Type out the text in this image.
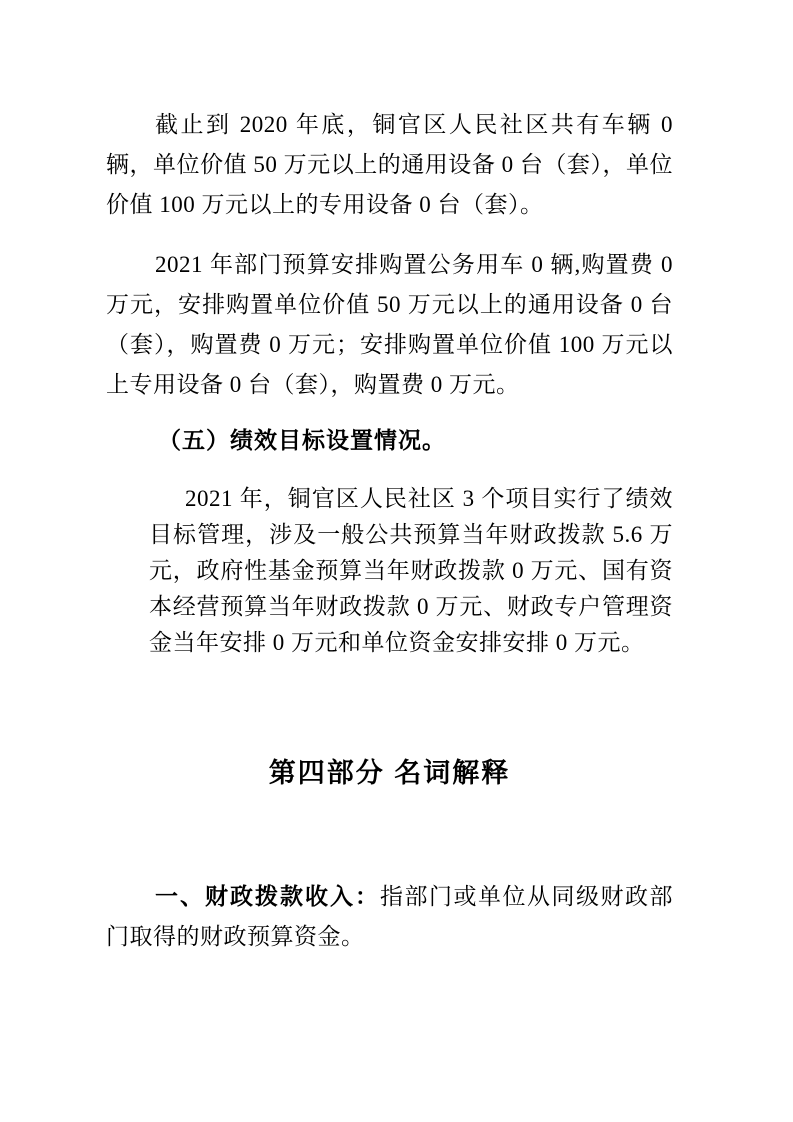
截止到 2020 年底，铜官区人民社区共有车辆 0 辆，单位价值 50 万元以上的通用设备 0 台（套），单位价值 100 万元以上的专用设备 0 台（套）。

2021 年部门预算安排购置公务用车 0 辆,购置费 0 万元，安排购置单位价值 50 万元以上的通用设备 0 台（套），购置费 0 万元；安排购置单位价值 100 万元以上专用设备 0 台（套），购置费 0 万元。

（五）绩效目标设置情况。

2021 年，铜官区人民社区 3 个项目实行了绩效目标管理，涉及一般公共预算当年财政拨款 5.6 万元，政府性基金预算当年财政拨款 0 万元、国有资本经营预算当年财政拨款 0 万元、财政专户管理资金当年安排 0 万元和单位资金安排安排 0 万元。

第四部分 名词解释

一、财政拨款收入：指部门或单位从同级财政部门取得的财政预算资金。
